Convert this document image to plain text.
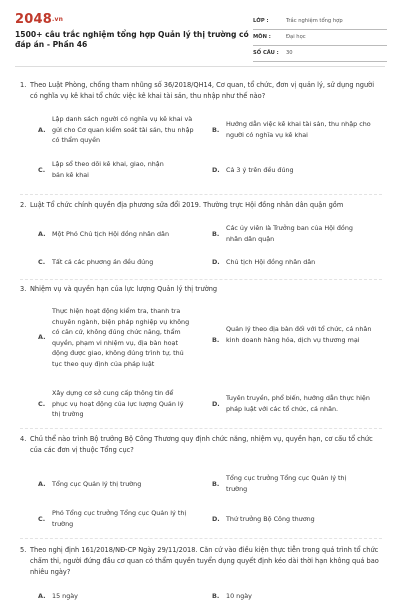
2048.vn
1500+ câu trắc nghiệm tổng hợp Quản lý thị trường có đáp án - Phần 46
LỚP :	Trắc nghiệm tổng hợp
MÔN :	Đại học
SỐ CÂU : 30
1. Theo Luật Phòng, chống tham nhũng số 36/2018/QH14, Cơ quan, tổ chức, đơn vị quản lý, sử dụng người có nghĩa vụ kê khai tổ chức việc kê khai tài sản, thu nhập như thế nào?
A.
Lập danh sách người có nghĩa vụ kê khai và gửi cho Cơ quan kiểm soát tài sản, thu nhập có thẩm quyền
B.
Hướng dẫn việc kê khai tài sản, thu nhập cho người có nghĩa vụ kê khai
C.
Lập sổ theo dõi kê khai, giao, nhận bản kê khai
D. Cả 3 ý trên đều đúng
2. Luật Tổ chức chính quyền địa phương sửa đổi 2019. Thường trực Hội đồng nhân dân quận gồm
A. Một Phó Chủ tịch Hội đồng nhân dân	B.
Các ủy viên là Trưởng ban của Hội đồng nhân dân quận
C. Tất cả các phương án đều đúng	D. Chủ tịch Hội đồng nhân dân
3. Nhiệm vụ và quyền hạn của lực lượng Quản lý thị trường
A.
Thực hiện hoạt động kiểm tra, thanh tra chuyên ngành, biện pháp nghiệp vụ không có căn cứ, không đúng chức năng, thẩm quyền, phạm vi nhiệm vụ, địa bàn hoạt động được giao, không đúng trình tự, thủ tục theo quy định của pháp luật
B.
Quản lý theo địa bàn đối với tổ chức, cá nhân kinh doanh hàng hóa, dịch vụ thương mại
C.
Xây dựng cơ sở cung cấp thông tin để phục vụ hoạt động của lực lượng Quản lý thị trường
D.
Tuyên truyền, phổ biến, hướng dẫn thực hiện pháp luật với các tổ chức, cá nhân.
4. Chủ thể nào trình Bộ trưởng Bộ Công Thương quy định chức năng, nhiệm vụ, quyền hạn, cơ cấu tổ chức của các đơn vị thuộc Tổng cục?
A. Tổng cục Quản lý thị trường	B.
Tổng cục trưởng Tổng cục Quản lý thị trường
C.
Phó Tổng cục trưởng Tổng cục Quản lý thị trường
D. Thứ trưởng Bộ Công thương
5. Theo nghị định 161/2018/NĐ-CP Ngày 29/11/2018. Căn cứ vào điều kiện thực tiễn trong quá trình tổ chức chấm thi, người đứng đầu cơ quan có thẩm quyền tuyển dụng quyết định kéo dài thời hạn không quá bao nhiêu ngày?
A. 15 ngày	B. 10 ngày
